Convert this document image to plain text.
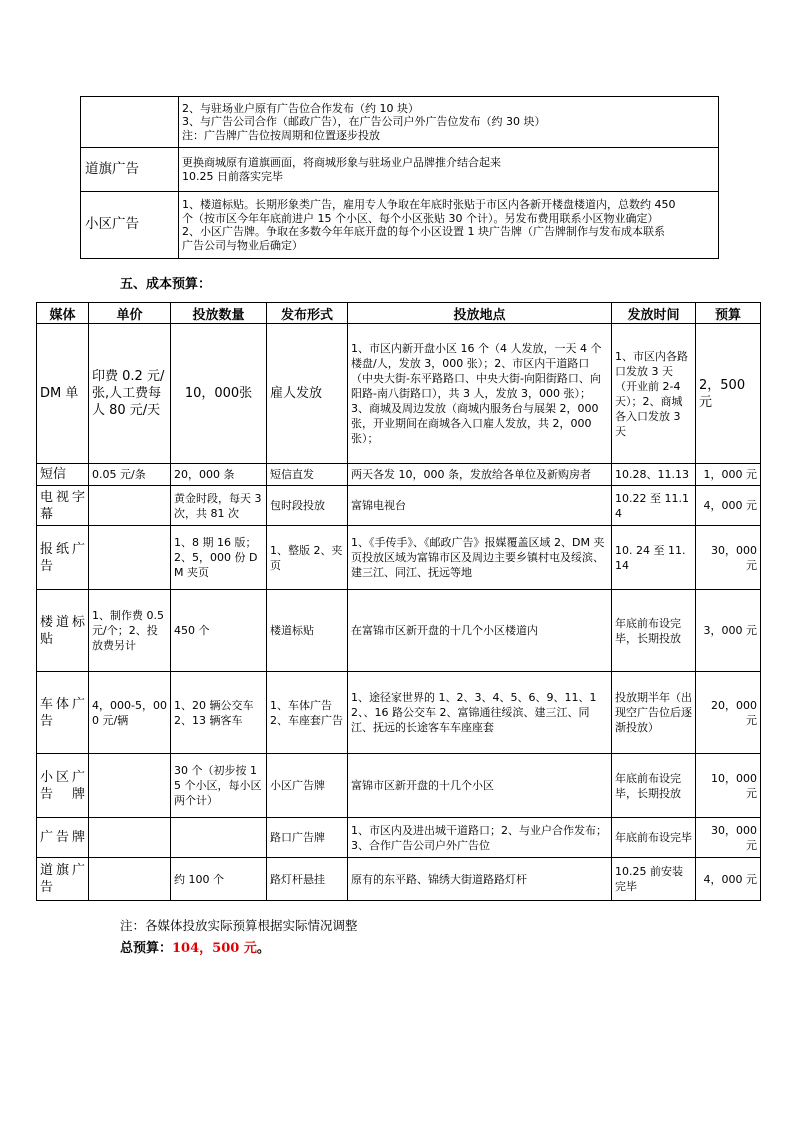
	2、与驻场业户原有广告位合作发布（约 10 块）
3、与广告公司合作（邮政广告），在广告公司户外广告位发布（约 30 块）
注：广告牌广告位按周期和位置逐步投放

道旗广告	更换商城原有道旗画面，将商城形象与驻场业户品牌推介结合起来
10.25 日前落实完毕

小区广告	1、楼道标贴。长期形象类广告，雇用专人争取在年底时张贴于市区内各新开楼盘楼道内，总数约 450
个（按市区今年年底前进户 15 个小区、每个小区张贴 30 个计）。另发布费用联系小区物业确定）
2、小区广告牌。争取在多数今年年底开盘的每个小区设置 1 块广告牌（广告牌制作与发布成本联系
广告公司与物业后确定）
五、成本预算：
媒体	单价	投放数量	发布形式	投放地点	发放时间	预算
DM 单	印费 0.2 元/张,人工费每人 80 元/天	10，000张	雇人发放	1、市区内新开盘小区 16 个（4 人发放，一天 4 个楼盘/人，发放 3，000 张）；2、市区内干道路口（中央大街-东平路路口、中央大街-向阳街路口、向阳路-南八街路口），共 3 人，发放 3，000 张）；3、商城及周边发放（商城内服务台与展架 2，000 张，开业期间在商城各入口雇人发放，共 2，000 张）；	1、市区内各路口发放 3 天（开业前 2-4 天）；2、商城各入口发放 3 天	2，500 元
短信	0.05 元/条	20，000 条	短信直发	两天各发 10，000 条，发放给各单位及新购房者	10.28、11.13	1，000 元
电视字幕		黄金时段，每天 3 次，共 81 次	包时段投放	富锦电视台	10.22 至 11.14	4，000 元
报纸广告		1、8 期 16 版；2、5，000 份 DM 夹页	1、整版 2、夹页	1、《手传手》、《邮政广告》报媒覆盖区域 2、DM 夹页投放区域为富锦市区及周边主要乡镇村屯及绥滨、建三江、同江、抚远等地	10. 24 至 11.14	30，000 元
楼道标贴	1、制作费 0.5 元/个；2、投放费另计	450 个	楼道标贴	在富锦市区新开盘的十几个小区楼道内	年底前布设完毕，长期投放	3，000 元
车体广告	4，000-5，000 元/辆	1、20 辆公交车 2、13 辆客车	1、车体广告 2、车座套广告	1、途径家世界的 1、2、3、4、5、6、9、11、12、、16 路公交车 2、富锦通往绥滨、建三江、同江、抚远的长途客车车座座套	投放期半年（出现空广告位后逐渐投放）	20，000 元
小区广告牌		30 个（初步按 15 个小区，每小区两个计）	小区广告牌	富锦市区新开盘的十几个小区	年底前布设完毕，长期投放	10，000 元
广告牌			路口广告牌	1、市区内及进出城干道路口；2、与业户合作发布；3、合作广告公司户外广告位	年底前布设完毕	30，000 元
道旗广告		约 100 个	路灯杆悬挂	原有的东平路、锦绣大街道路路灯杆	10.25 前安装完毕	4，000 元
注：各媒体投放实际预算根据实际情况调整
总预算：104，500 元。
